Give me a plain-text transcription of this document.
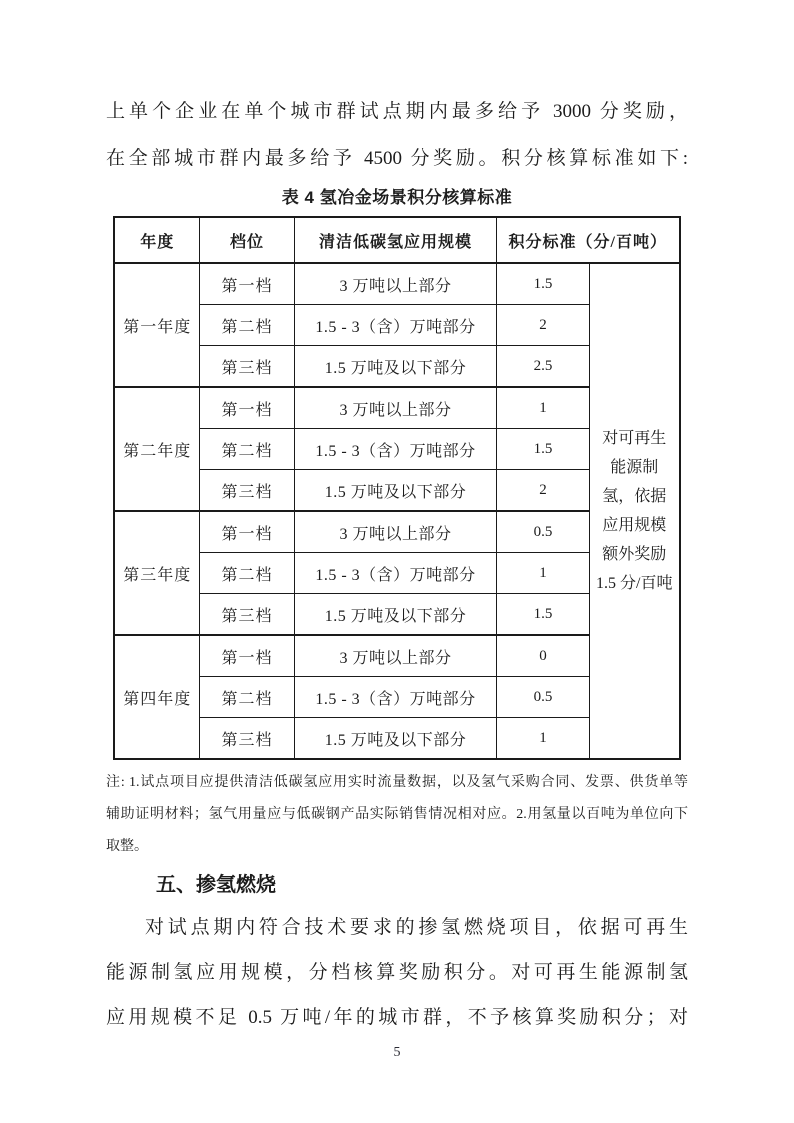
上单个企业在单个城市群试点期内最多给予 3000 分奖励，
在全部城市群内最多给予 4500 分奖励。积分核算标准如下:
表 4 氢冶金场景积分核算标准
年度	档位	清洁低碳氢应用规模	积分标准（分/百吨）	
第一年度	第一档	3 万吨以上部分	1.5	对可再生能源制氢，依据应用规模额外奖励 1.5 分/百吨
	第二档	1.5 - 3（含）万吨部分	2	
	第三档	1.5 万吨及以下部分	2.5	
第二年度	第一档	3 万吨以上部分	1	
	第二档	1.5 - 3（含）万吨部分	1.5	
	第三档	1.5 万吨及以下部分	2	
第三年度	第一档	3 万吨以上部分	0.5	
	第二档	1.5 - 3（含）万吨部分	1	
	第三档	1.5 万吨及以下部分	1.5	
第四年度	第一档	3 万吨以上部分	0	
	第二档	1.5 - 3（含）万吨部分	0.5	
	第三档	1.5 万吨及以下部分	1	
注: 1.试点项目应提供清洁低碳氢应用实时流量数据，以及氢气采购合同、发票、供货单等
辅助证明材料；氢气用量应与低碳钢产品实际销售情况相对应。2.用氢量以百吨为单位向下
取整。
五、掺氢燃烧
对试点期内符合技术要求的掺氢燃烧项目，依据可再生
能源制氢应用规模，分档核算奖励积分。对可再生能源制氢
应用规模不足 0.5 万吨/年的城市群，不予核算奖励积分；对
5
